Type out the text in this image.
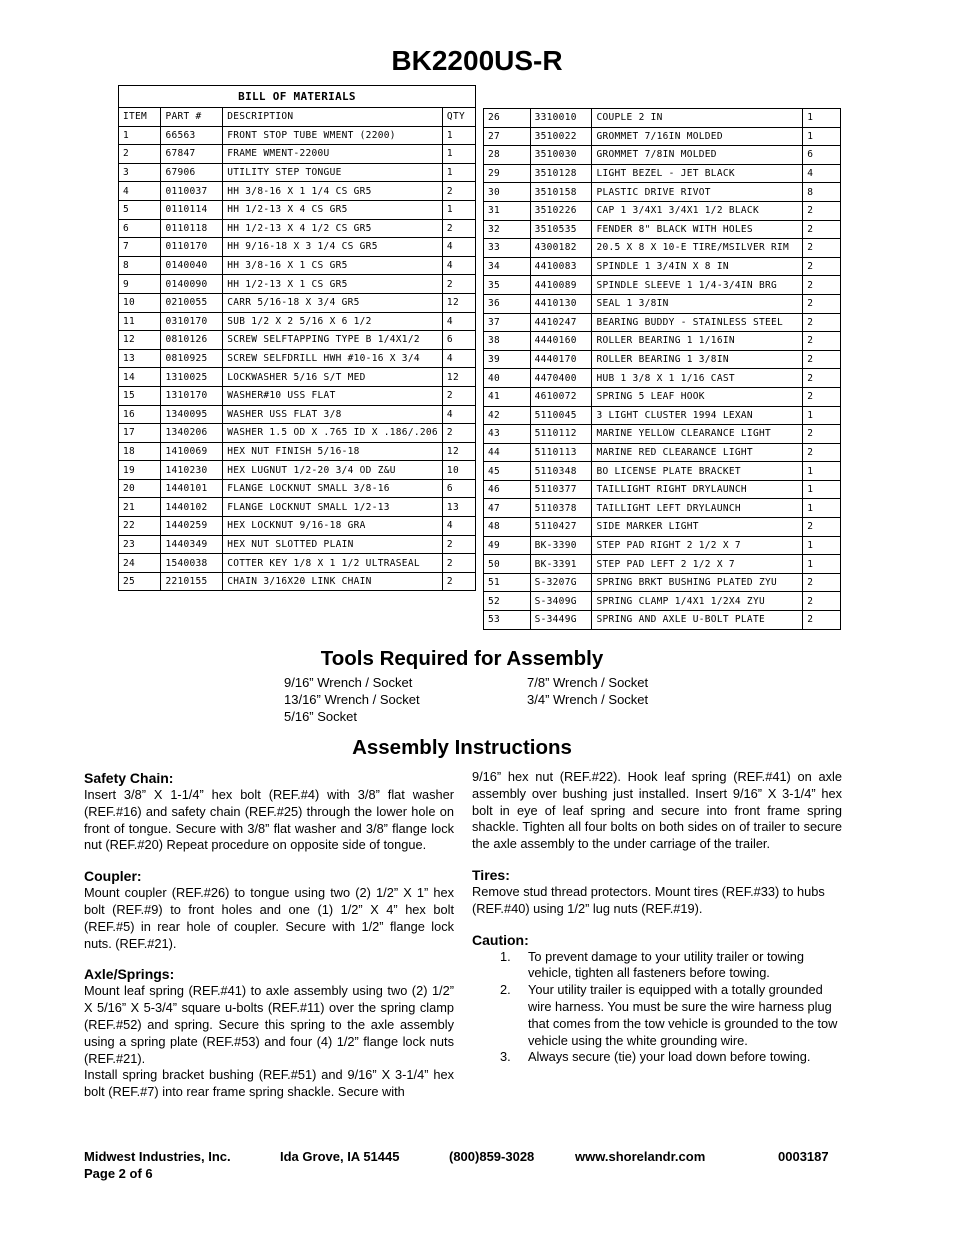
BK2200US-R
BILL OF MATERIALS			
ITEM	PART #	DESCRIPTION	QTY
1	66563	FRONT STOP TUBE WMENT (2200)	1
2	67847	FRAME WMENT-2200U	1
3	67906	UTILITY STEP TONGUE	1
4	0110037	HH 3/8-16 X 1 1/4 CS GR5	2
5	0110114	HH 1/2-13 X 4 CS GR5	1
6	0110118	HH 1/2-13 X 4 1/2 CS GR5	2
7	0110170	HH 9/16-18 X 3 1/4 CS GR5	4
8	0140040	HH 3/8-16 X 1 CS GR5	4
9	0140090	HH 1/2-13 X 1 CS GR5	2
10	0210055	CARR 5/16-18 X 3/4 GR5	12
11	0310170	SUB 1/2 X 2 5/16 X 6 1/2	4
12	0810126	SCREW SELFTAPPING TYPE B 1/4X1/2	6
13	0810925	SCREW SELFDRILL HWH #10-16 X 3/4	4
14	1310025	LOCKWASHER 5/16 S/T MED	12
15	1310170	WASHER#10 USS FLAT	2
16	1340095	WASHER USS FLAT 3/8	4
17	1340206	WASHER 1.5 OD X .765 ID X .186/.206	2
18	1410069	HEX NUT FINISH 5/16-18	12
19	1410230	HEX LUGNUT 1/2-20 3/4 OD Z&U	10
20	1440101	FLANGE LOCKNUT SMALL 3/8-16	6
21	1440102	FLANGE LOCKNUT SMALL 1/2-13	13
22	1440259	HEX LOCKNUT 9/16-18 GRA	4
23	1440349	HEX NUT SLOTTED PLAIN	2
24	1540038	COTTER KEY 1/8 X 1 1/2 ULTRASEAL	2
25	2210155	CHAIN 3/16X20 LINK CHAIN	2
26	3310010	COUPLE 2 IN	1
27	3510022	GROMMET 7/16IN MOLDED	1
28	3510030	GROMMET 7/8IN MOLDED	6
29	3510128	LIGHT BEZEL - JET BLACK	4
30	3510158	PLASTIC DRIVE RIVOT	8
31	3510226	CAP 1 3/4X1 3/4X1 1/2 BLACK	2
32	3510535	FENDER 8" BLACK WITH HOLES	2
33	4300182	20.5 X 8 X 10-E TIRE/MSILVER RIM	2
34	4410083	SPINDLE 1 3/4IN X 8 IN	2
35	4410089	SPINDLE SLEEVE 1 1/4-3/4IN BRG	2
36	4410130	SEAL 1 3/8IN	2
37	4410247	BEARING BUDDY - STAINLESS STEEL	2
38	4440160	ROLLER BEARING 1 1/16IN	2
39	4440170	ROLLER BEARING 1 3/8IN	2
40	4470400	HUB 1 3/8 X 1 1/16 CAST	2
41	4610072	SPRING 5 LEAF HOOK	2
42	5110045	3 LIGHT CLUSTER 1994 LEXAN	1
43	5110112	MARINE YELLOW CLEARANCE LIGHT	2
44	5110113	MARINE RED CLEARANCE LIGHT	2
45	5110348	BO LICENSE PLATE BRACKET	1
46	5110377	TAILLIGHT RIGHT DRYLAUNCH	1
47	5110378	TAILLIGHT LEFT DRYLAUNCH	1
48	5110427	SIDE MARKER LIGHT	2
49	BK-3390	STEP PAD RIGHT 2 1/2 X 7	1
50	BK-3391	STEP PAD LEFT 2 1/2 X 7	1
51	S-3207G	SPRING BRKT BUSHING PLATED ZYU	2
52	S-3409G	SPRING CLAMP 1/4X1 1/2X4 ZYU	2
53	S-3449G	SPRING AND AXLE U-BOLT PLATE	2
Tools Required for Assembly
9/16” Wrench / Socket
13/16” Wrench / Socket
5/16” Socket
7/8” Wrench / Socket
3/4” Wrench / Socket
Assembly Instructions

Safety Chain:

Insert 3/8” X 1-1/4” hex bolt (REF.#4) with 3/8” flat washer (REF.#16) and safety chain (REF.#25) through the lower hole on front of tongue. Secure with 3/8” flat washer and 3/8” flange lock nut (REF.#20) Repeat procedure on opposite side of tongue.

Coupler:

Mount coupler (REF.#26) to tongue using two (2) 1/2” X 1” hex bolt (REF.#9) to front holes and one (1) 1/2” X 4” hex bolt (REF.#5) in rear hole of coupler. Secure with 1/2” flange lock nuts. (REF.#21).

Axle/Springs:

Mount leaf spring (REF.#41) to axle assembly using two (2) 1/2” X 5/16” X 5-3/4” square u-bolts (REF.#11) over the spring clamp (REF.#52) and spring. Secure this spring to the axle assembly using a spring plate (REF.#53) and four (4) 1/2” flange lock nuts (REF.#21).

Install spring bracket bushing (REF.#51) and 9/16” X 3-1/4” hex bolt (REF.#7) into rear frame spring shackle. Secure with

9/16” hex nut (REF.#22). Hook leaf spring (REF.#41) on axle assembly over bushing just installed. Insert 9/16” X 3-1/4” hex bolt in eye of leaf spring and secure into front frame spring shackle. Tighten all four bolts on both sides on of trailer to secure the axle assembly to the under carriage of the trailer.

Tires:

Remove stud thread protectors. Mount tires (REF.#33) to hubs (REF.#40) using 1/2” lug nuts (REF.#19).

Caution:

1. To prevent damage to your utility trailer or towing vehicle, tighten all fasteners before towing.
2. Your utility trailer is equipped with a totally grounded wire harness. You must be sure the wire harness plug that comes from the tow vehicle is grounded to the tow vehicle using the white grounding wire.
3. Always secure (tie) your load down before towing.
Midwest Industries, Inc.	Ida Grove, IA 51445	(800)859-3028	www.shorelandr.com	0003187
Page 2 of 6
